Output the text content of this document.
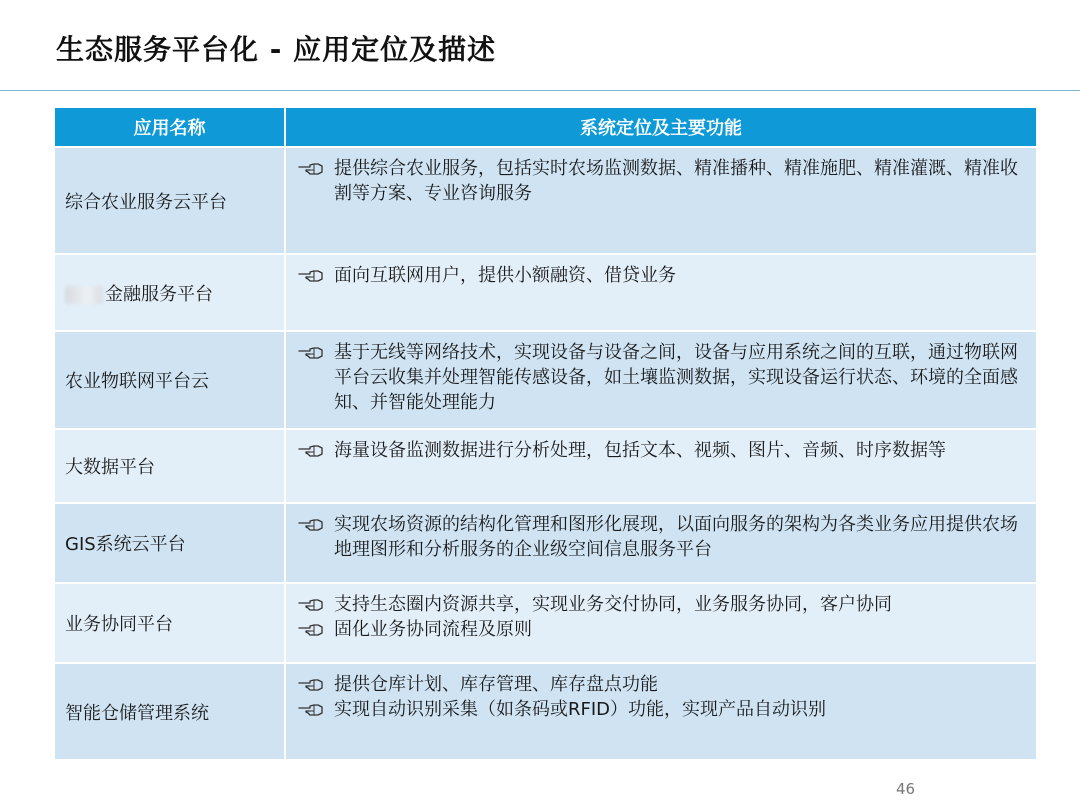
生态服务平台化 - 应用定位及描述
应用名称	系统定位及主要功能
综合农业服务云平台	提供综合农业服务，包括实时农场监测数据、精准播种、精准施肥、精准灌溉、精准收割等方案、专业咨询服务

金融服务平台	面向互联网用户，提供小额融资、借贷业务

农业物联网平台云	基于无线等网络技术，实现设备与设备之间，设备与应用系统之间的互联，通过物联网平台云收集并处理智能传感设备，如土壤监测数据，实现设备运行状态、环境的全面感知、并智能处理能力

大数据平台	海量设备监测数据进行分析处理，包括文本、视频、图片、音频、时序数据等

GIS系统云平台	实现农场资源的结构化管理和图形化展现，以面向服务的架构为各类业务应用提供农场地理图形和分析服务的企业级空间信息服务平台

业务协同平台	支持生态圈内资源共享，实现业务交付协同，业务服务协同，客户协同
固化业务协同流程及原则

智能仓储管理系统	提供仓库计划、库存管理、库存盘点功能
实现自动识别采集（如条码或RFID）功能，实现产品自动识别
46
